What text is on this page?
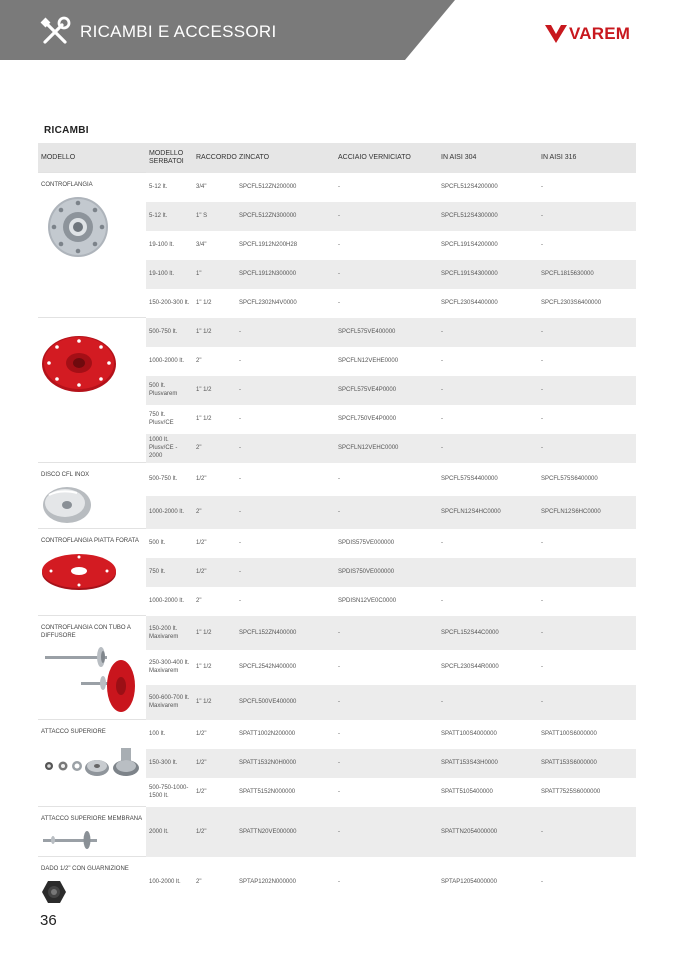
RICAMBI E ACCESSORI	VAREM
RICAMBI
MODELLO	MODELLO SERBATOI	RACCORDO	ZINCATO	ACCIAIO VERNICIATO	IN AISI 304	IN AISI 316

CONTROFLANGIA	5-12 lt.	3/4"	SPCFL512ZN200000	-	SPCFL512S4200000	-
	5-12 lt.	1" S	SPCFL512ZN300000	-	SPCFL512S4300000	-
	19-100 lt.	3/4"	SPCFL1912N200H28	-	SPCFL191S4200000	-
	19-100 lt.	1"	SPCFL1912N300000	-	SPCFL191S4300000	SPCFL1815630000
	150-200-300 lt.	1" 1/2	SPCFL2302N4V0000	-	SPCFL230S4400000	SPCFL2303S6400000

	500-750 lt.	1" 1/2	-	SPCFL575VE400000	-	-
	1000-2000 lt.	2"	-	SPCFLN12VEHE0000	-	-
	500 lt. Plusvarem	1" 1/2	-	SPCFL575VE4P0000	-	-
	750 lt. Plusv/CE	1" 1/2	-	SPCFL750VE4P0000	-	-
	1000 lt. Plusv/CE - 2000	2"	-	SPCFLN12VEHC0000	-	-

DISCO CFL INOX	500-750 lt.	1/2"	-	-	SPCFL575S4400000	SPCFL575S6400000
	1000-2000 lt.	2"	-	-	SPCFLN12S4HC0000	SPCFLN12S6HC0000

CONTROFLANGIA PIATTA FORATA	500 lt.	1/2"	-	SPDIS575VE000000	-	-
	750 lt.	1/2"	-	SPDIS750VE000000		
	1000-2000 lt.	2"	-	SPDISN12VE0C0000	-	-

CONTROFLANGIA CON TUBO A DIFFUSORE	150-200 lt. Maxivarem	1" 1/2	SPCFL152ZN400000	-	SPCFL152S44C0000	-
	250-300-400 lt. Maxivarem	1" 1/2	SPCFL2542N400000	-	SPCFL230S44R0000	-
	500-600-700 lt. Maxivarem	1" 1/2	SPCFL500VE400000	-	-	-

ATTACCO SUPERIORE	100 lt.	1/2"	SPATT1002N200000	-	SPATT100S4000000	SPATT100S6000000
	150-300 lt.	1/2"	SPATT1532N0H0000	-	SPATT153S43H0000	SPATT153S6000000
	500-750-1000-1500 lt.	1/2"	SPATT5152N000000	-	SPATT5105400000	SPATT7525S6000000

ATTACCO SUPERIORE MEMBRANA	2000 lt.	1/2"	SPATTN20VE000000	-	SPATTN2054000000	-

DADO 1/2" CON GUARNIZIONE	100-2000 lt.	2"	SPTAP1202N000000	-	SPTAP12054000000	-
36
